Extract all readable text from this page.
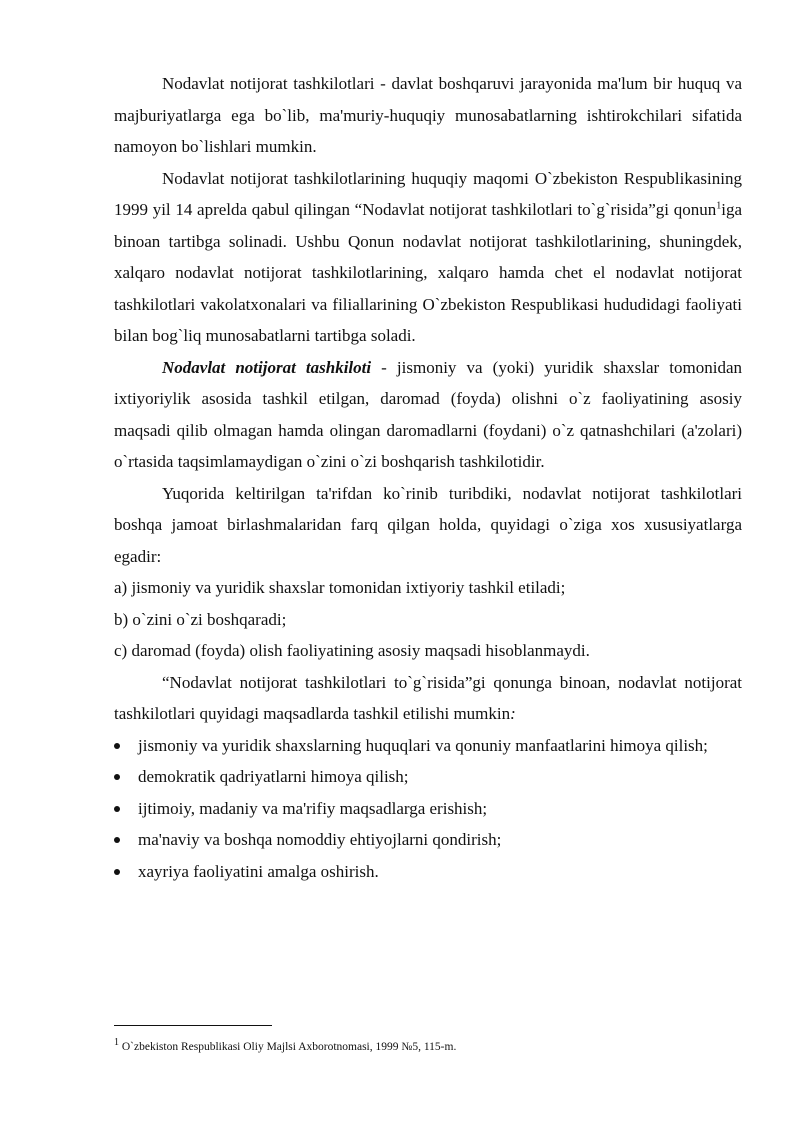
Nodavlat notijorat tashkilotlari - davlat boshqaruvi jarayonida ma'lum bir huquq va majburiyatlarga ega bo`lib, ma'muriy-huquqiy munosabatlarning ishtirokchilari sifatida namoyon bo`lishlari mumkin.

Nodavlat notijorat tashkilotlarining huquqiy maqomi O`zbekiston Respublikasining 1999 yil 14 aprelda qabul qilingan “Nodavlat notijorat tashkilotlari to`g`risida”gi qonun$^1$iga binoan tartibga solinadi. Ushbu Qonun nodavlat notijorat tashkilotlarining, shuningdek, xalqaro nodavlat notijorat tashkilotlarining, xalqaro hamda chet el nodavlat notijorat tashkilotlari vakolatxonalari va filiallarining O`zbekiston Respublikasi hududidagi faoliyati bilan bog`liq munosabatlarni tartibga soladi.

Nodavlat notijorat tashkiloti - jismoniy va (yoki) yuridik shaxslar tomonidan ixtiyoriylik asosida tashkil etilgan, daromad (foyda) olishni o`z faoliyatining asosiy maqsadi qilib olmagan hamda olingan daromadlarni (foydani) o`z qatnashchilari (a'zolari) o`rtasida taqsimlamaydigan o`zini o`zi boshqarish tashkilotidir.

Yuqorida keltirilgan ta'rifdan ko`rinib turibdiki, nodavlat notijorat tashkilotlari boshqa jamoat birlashmalaridan farq qilgan holda, quyidagi o`ziga xos xususiyatlarga egadir:

a) jismoniy va yuridik shaxslar tomonidan ixtiyoriy tashkil etiladi;

b) o`zini o`zi boshqaradi;

c) daromad (foyda) olish faoliyatining asosiy maqsadi hisoblanmaydi.

“Nodavlat notijorat tashkilotlari to`g`risida”gi qonunga binoan, nodavlat notijorat tashkilotlari quyidagi maqsadlarda tashkil etilishi mumkin:

jismoniy va yuridik shaxslarning huquqlari va qonuniy manfaatlarini himoya qilish;
demokratik qadriyatlarni himoya qilish;
ijtimoiy, madaniy va ma'rifiy maqsadlarga erishish;
ma'naviy va boshqa nomoddiy ehtiyojlarni qondirish;
xayriya faoliyatini amalga oshirish.
$^1$ O`zbekiston Respublikasi Oliy Majlsi Axborotnomasi, 1999 №5, 115-m.
